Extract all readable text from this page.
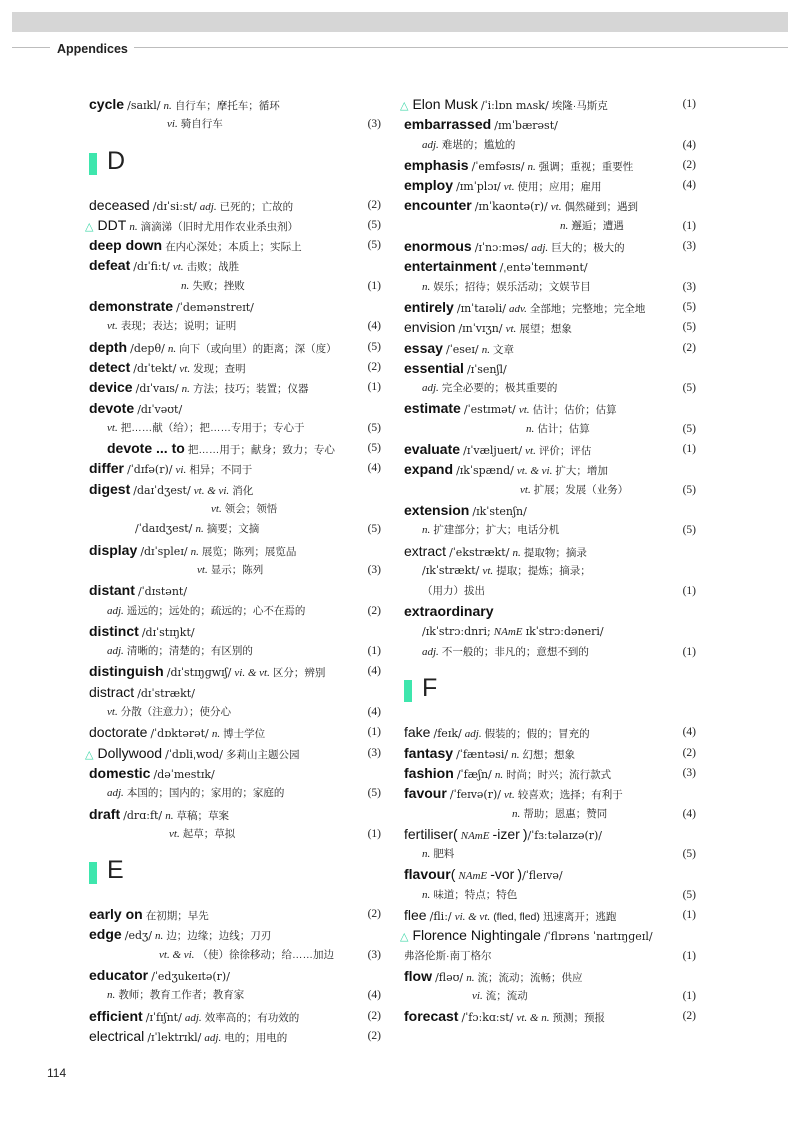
Appendices
cycle /saɪkl/ n. 自行车；摩托车；循环
vi. 骑自行车	(3)
D
deceased /dɪˈsiːst/ adj. 已死的；亡故的	(2)
△ DDT n. 滴滴涕（旧时尤用作农业杀虫剂）	(5)
deep down 在内心深处；本质上；实际上	(5)
defeat /dɪˈfiːt/ vt. 击败；战胜
n. 失败；挫败	(1)
demonstrate /ˈdemənstreɪt/
vt. 表现；表达；说明；证明	(4)
depth /depθ/ n. 向下（或向里）的距离；深（度）	(5)
detect /dɪˈtekt/ vt. 发现；查明	(2)
device /dɪˈvaɪs/ n. 方法；技巧；装置；仪器	(1)
devote /dɪˈvəʊt/
vt. 把……献（给）；把……专用于；专心于	(5)
devote ... to 把……用于；献身；致力；专心	(5)
differ /ˈdɪfə(r)/ vi. 相异；不同于	(4)
digest /daɪˈdʒest/ vt. & vi. 消化
vt. 领会；领悟
/ˈdaɪdʒest/ n. 摘要；文摘	(5)
display /dɪˈspleɪ/ n. 展览；陈列；展览品
vt. 显示；陈列	(3)
distant /ˈdɪstənt/
adj. 遥远的；远处的；疏远的；心不在焉的	(2)
distinct /dɪˈstɪŋkt/
adj. 清晰的；清楚的；有区别的	(1)
distinguish /dɪˈstɪŋɡwɪʃ/ vi. & vt. 区分；辨别	(4)
distract /dɪˈstrækt/
vt. 分散（注意力）；使分心	(4)
doctorate /ˈdɒktərət/ n. 博士学位	(1)
△ Dollywood /ˈdɒliˌwʊd/ 多莉山主题公园	(3)
domestic /dəˈmestɪk/
adj. 本国的；国内的；家用的；家庭的	(5)
draft /drɑːft/ n. 草稿；草案
vt. 起草；草拟	(1)
E
early on 在初期；早先	(2)
edge /edʒ/ n. 边；边缘；边线；刀刃
vt. & vi. （使）徐徐移动；给……加边	(3)
educator /ˈedʒukeɪtə(r)/
n. 教师；教育工作者；教育家	(4)
efficient /ɪˈfɪʃnt/ adj. 效率高的；有功效的	(2)
electrical /ɪˈlektrɪkl/ adj. 电的；用电的	(2)
△ Elon Musk /ˈiːlɒn mʌsk/ 埃隆·马斯克	(1)
embarrassed /ɪmˈbærəst/
adj. 难堪的；尴尬的	(4)
emphasis /ˈemfəsɪs/ n. 强调；重视；重要性	(2)
employ /ɪmˈplɔɪ/ vt. 使用；应用；雇用	(4)
encounter /ɪnˈkaʊntə(r)/ vt. 偶然碰到；遇到
n. 邂逅；遭遇	(1)
enormous /ɪˈnɔːməs/ adj. 巨大的；极大的	(3)
entertainment /ˌentəˈteɪnmənt/
n. 娱乐；招待；娱乐活动；文娱节目	(3)
entirely /ɪnˈtaɪəli/ adv. 全部地；完整地；完全地	(5)
envision /ɪnˈvɪʒn/ vt. 展望；想象	(5)
essay /ˈeseɪ/ n. 文章	(2)
essential /ɪˈsenʃl/
adj. 完全必要的；极其重要的	(5)
estimate /ˈestɪmət/ vt. 估计；估价；估算
n. 估计；估算	(5)
evaluate /ɪˈvæljueɪt/ vt. 评价；评估	(1)
expand /ɪkˈspænd/ vt. & vi. 扩大；增加
vt. 扩展；发展（业务）	(5)
extension /ɪkˈstenʃn/
n. 扩建部分；扩大；电话分机	(5)
extract /ˈekstrækt/ n. 提取物；摘录
/ɪkˈstrækt/ vt. 提取；提炼；摘录；
（用力）拔出	(1)
extraordinary
/ɪkˈstrɔːdnri; NAmE ɪkˈstrɔːdəneri/
adj. 不一般的；非凡的；意想不到的	(1)
F
fake /feɪk/ adj. 假装的；假的；冒充的	(4)
fantasy /ˈfæntəsi/ n. 幻想；想象	(2)
fashion /ˈfæʃn/ n. 时尚；时兴；流行款式	(3)
favour /ˈfeɪvə(r)/ vt. 较喜欢；选择；有利于
n. 帮助；恩惠；赞同	(4)
fertiliser( NAmE -izer )/ˈfɜːtəlaɪzə(r)/
n. 肥料	(5)
flavour( NAmE -vor )/ˈfleɪvə/
n. 味道；特点；特色	(5)
flee /fliː/ vi. & vt. (fled, fled) 迅速离开；逃跑	(1)
△ Florence Nightingale /ˈflɒrəns ˈnaɪtɪŋɡeɪl/
弗洛伦斯·南丁格尔	(1)
flow /fləʊ/ n. 流；流动；流畅；供应
vi. 流；流动	(1)
forecast /ˈfɔːkɑːst/ vt. & n. 预测；预报	(2)
114
